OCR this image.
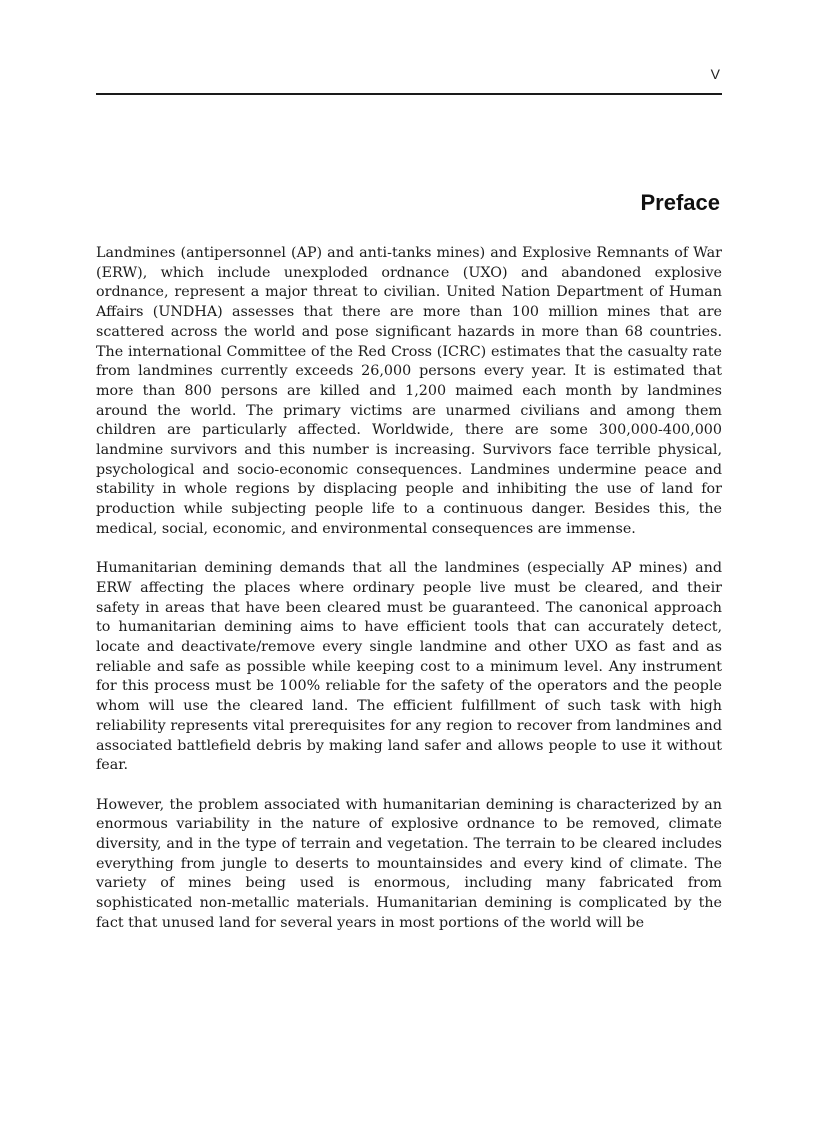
V
Preface

Landmines (antipersonnel (AP) and anti-tanks mines) and Explosive Remnants of War (ERW), which include unexploded ordnance (UXO) and abandoned explosive ordnance, represent a major threat to civilian. United Nation Department of Human Affairs (UNDHA) assesses that there are more than 100 million mines that are scattered across the world and pose significant hazards in more than 68 countries. The international Committee of the Red Cross (ICRC) estimates that the casualty rate from landmines currently exceeds 26,000 persons every year. It is estimated that more than 800 persons are killed and 1,200 maimed each month by landmines around the world. The primary victims are unarmed civilians and among them children are particularly affected. Worldwide, there are some 300,000-400,000 landmine survivors and this number is increasing. Survivors face terrible physical, psychological and socio-economic consequences. Landmines undermine peace and stability in whole regions by displacing people and inhibiting the use of land for production while subjecting people life to a continuous danger. Besides this, the medical, social, economic, and environmental consequences are immense.

Humanitarian demining demands that all the landmines (especially AP mines) and ERW affecting the places where ordinary people live must be cleared, and their safety in areas that have been cleared must be guaranteed. The canonical approach to humanitarian demining aims to have efficient tools that can accurately detect, locate and deactivate/remove every single landmine and other UXO as fast and as reliable and safe as possible while keeping cost to a minimum level. Any instrument for this process must be 100% reliable for the safety of the operators and the people whom will use the cleared land. The efficient fulfillment of such task with high reliability represents vital prerequisites for any region to recover from landmines and associated battlefield debris by making land safer and allows people to use it without fear.

However, the problem associated with humanitarian demining is characterized by an enormous variability in the nature of explosive ordnance to be removed, climate diversity, and in the type of terrain and vegetation. The terrain to be cleared includes everything from jungle to deserts to mountainsides and every kind of climate. The variety of mines being used is enormous, including many fabricated from sophisticated non-metallic materials. Humanitarian demining is complicated by the fact that unused land for several years in most portions of the world will be
